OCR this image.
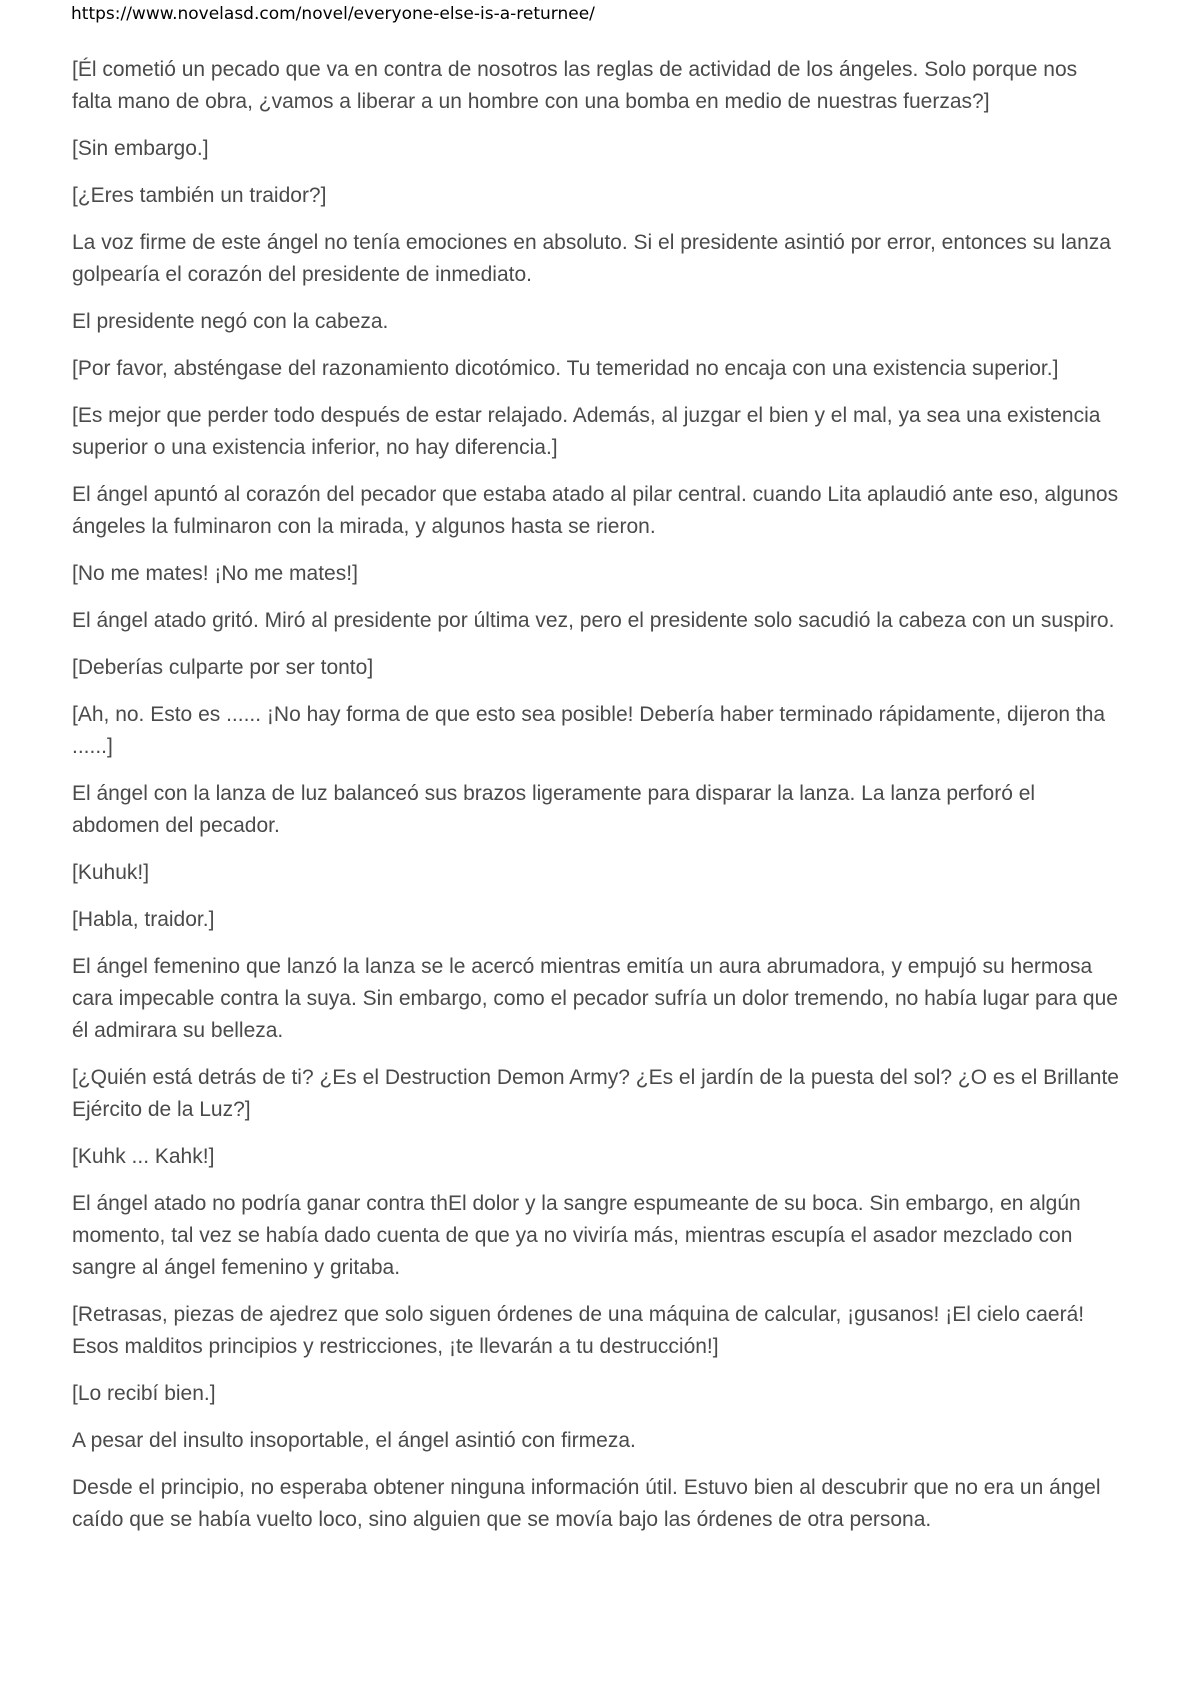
https://www.novelasd.com/novel/everyone-else-is-a-returnee/

[Él cometió un pecado que va en contra de nosotros las reglas de actividad de los ángeles. Solo porque nos falta mano de obra, ¿vamos a liberar a un hombre con una bomba en medio de nuestras fuerzas?]

[Sin embargo.]

[¿Eres también un traidor?]

La voz firme de este ángel no tenía emociones en absoluto. Si el presidente asintió por error, entonces su lanza golpearía el corazón del presidente de inmediato.

El presidente negó con la cabeza.

[Por favor, absténgase del razonamiento dicotómico. Tu temeridad no encaja con una existencia superior.]

[Es mejor que perder todo después de estar relajado. Además, al juzgar el bien y el mal, ya sea una existencia superior o una existencia inferior, no hay diferencia.]

El ángel apuntó al corazón del pecador que estaba atado al pilar central. cuando Lita aplaudió ante eso, algunos ángeles la fulminaron con la mirada, y algunos hasta se rieron.

[No me mates! ¡No me mates!]

El ángel atado gritó. Miró al presidente por última vez, pero el presidente solo sacudió la cabeza con un suspiro.

[Deberías culparte por ser tonto]

[Ah, no. Esto es ...... ¡No hay forma de que esto sea posible! Debería haber terminado rápidamente, dijeron tha ......]

El ángel con la lanza de luz balanceó sus brazos ligeramente para disparar la lanza. La lanza perforó el abdomen del pecador.

[Kuhuk!]

[Habla, traidor.]

El ángel femenino que lanzó la lanza se le acercó mientras emitía un aura abrumadora, y empujó su hermosa cara impecable contra la suya. Sin embargo, como el pecador sufría un dolor tremendo, no había lugar para que él admirara su belleza.

[¿Quién está detrás de ti? ¿Es el Destruction Demon Army? ¿Es el jardín de la puesta del sol? ¿O es el Brillante Ejército de la Luz?]

[Kuhk ... Kahk!]

El ángel atado no podría ganar contra thEl dolor y la sangre espumeante de su boca. Sin embargo, en algún momento, tal vez se había dado cuenta de que ya no viviría más, mientras escupía el asador mezclado con sangre al ángel femenino y gritaba.

[Retrasas, piezas de ajedrez que solo siguen órdenes de una máquina de calcular, ¡gusanos! ¡El cielo caerá! Esos malditos principios y restricciones, ¡te llevarán a tu destrucción!]

[Lo recibí bien.]

A pesar del insulto insoportable, el ángel asintió con firmeza.

Desde el principio, no esperaba obtener ninguna información útil. Estuvo bien al descubrir que no era un ángel caído que se había vuelto loco, sino alguien que se movía bajo las órdenes de otra persona.
